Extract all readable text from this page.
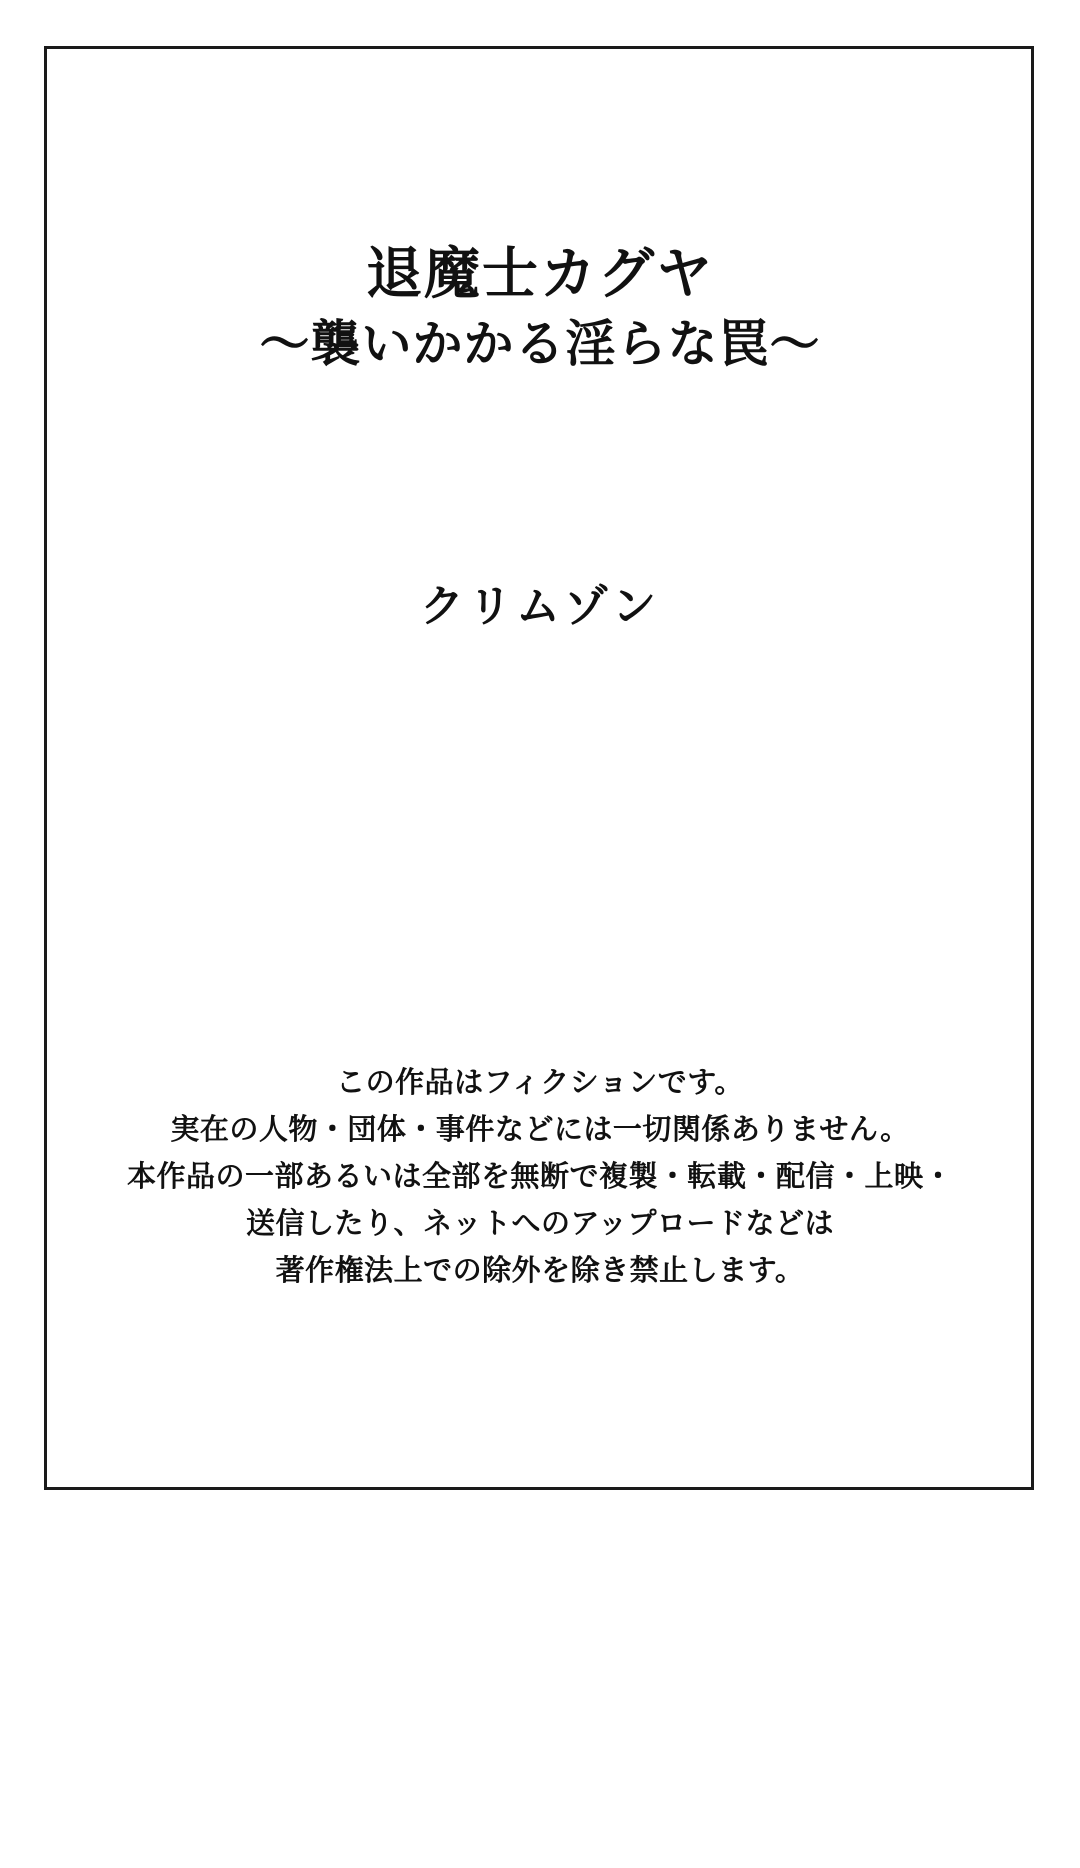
退魔士カグヤ

～襲いかかる淫らな罠～

クリムゾン

この作品はフィクションです。

実在の人物・団体・事件などには一切関係ありません。

本作品の一部あるいは全部を無断で複製・転載・配信・上映・

送信したり、ネットへのアップロードなどは

著作権法上での除外を除き禁止します。
